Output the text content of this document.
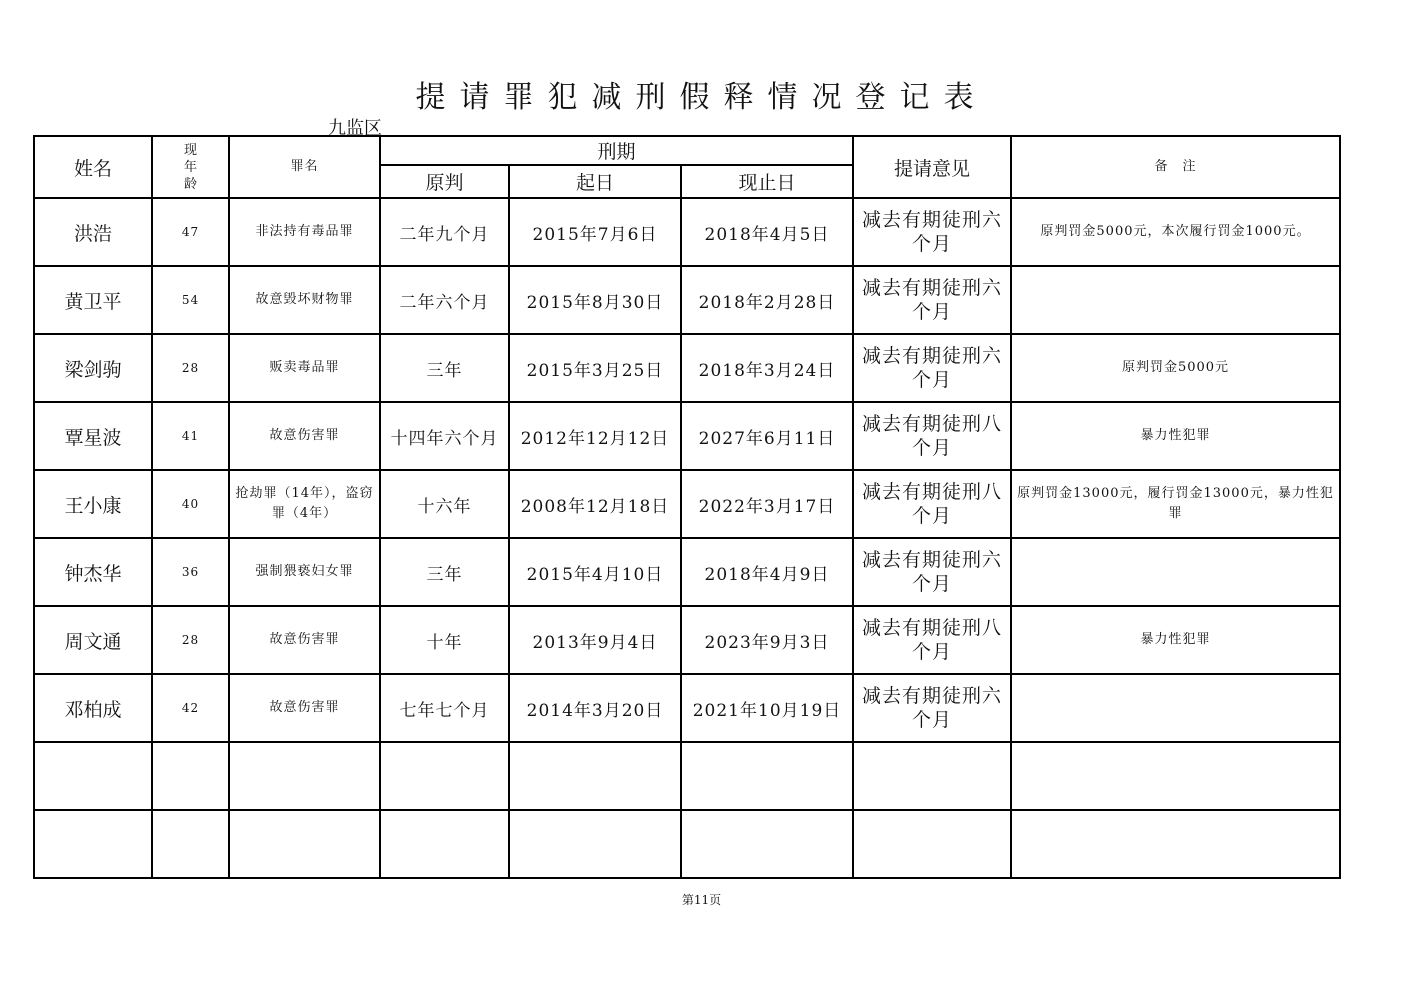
提请罪犯减刑假释情况登记表
九监区
姓名	现
年
龄	罪名	刑期			提请意见	备　注
			原判	起日	现止日		
洪浩	47	非法持有毒品罪	二年九个月	2015年7月6日	2018年4月5日	减去有期徒刑六个月	原判罚金5000元，本次履行罚金1000元。
黄卫平	54	故意毁坏财物罪	二年六个月	2015年8月30日	2018年2月28日	减去有期徒刑六个月	
梁剑驹	28	贩卖毒品罪	三年	2015年3月25日	2018年3月24日	减去有期徒刑六个月	原判罚金5000元
覃星波	41	故意伤害罪	十四年六个月	2012年12月12日	2027年6月11日	减去有期徒刑八个月	暴力性犯罪
王小康	40	抢劫罪（14年），盗窃罪（4年）	十六年	2008年12月18日	2022年3月17日	减去有期徒刑八个月	原判罚金13000元，履行罚金13000元，暴力性犯罪
钟杰华	36	强制猥亵妇女罪	三年	2015年4月10日	2018年4月9日	减去有期徒刑六个月	
周文通	28	故意伤害罪	十年	2013年9月4日	2023年9月3日	减去有期徒刑八个月	暴力性犯罪
邓柏成	42	故意伤害罪	七年七个月	2014年3月20日	2021年10月19日	减去有期徒刑六个月	

第11页
